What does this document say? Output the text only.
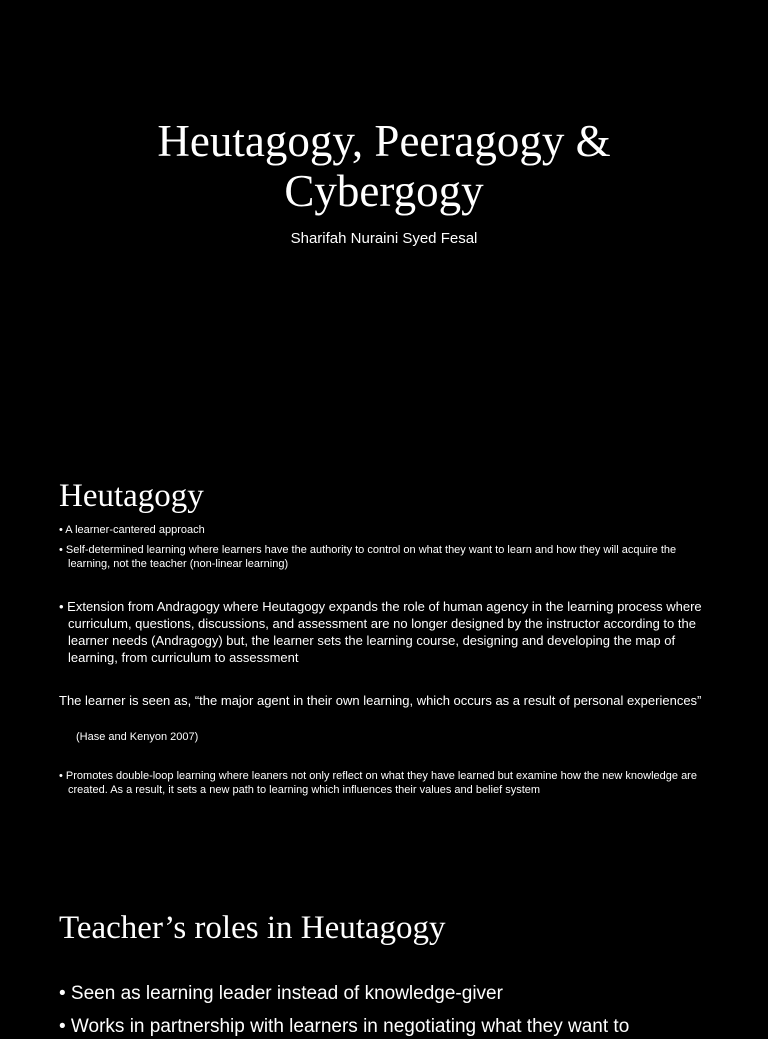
Heutagogy, Peeragogy &
Cybergogy
Sharifah Nuraini Syed Fesal
Heutagogy
• A learner-cantered approach
• Self-determined learning where learners have the authority to control on what they want to learn and how they will acquire the learning, not the teacher (non-linear learning)
• Extension from Andragogy where Heutagogy expands the role of human agency in the learning process where curriculum, questions, discussions, and assessment are no longer designed by the instructor according to the learner needs (Andragogy) but, the learner sets the learning course, designing and developing the map of learning, from curriculum to assessment
The learner is seen as, “the major agent in their own learning, which occurs as a result of personal experiences”
(Hase and Kenyon 2007)
• Promotes double-loop learning where leaners not only reflect on what they have learned but examine how the new knowledge are created. As a result, it sets a new path to learning which influences their values and belief system
Teacher’s roles in Heutagogy
• Seen as learning leader instead of knowledge-giver
• Works in partnership with learners in negotiating what they want to
